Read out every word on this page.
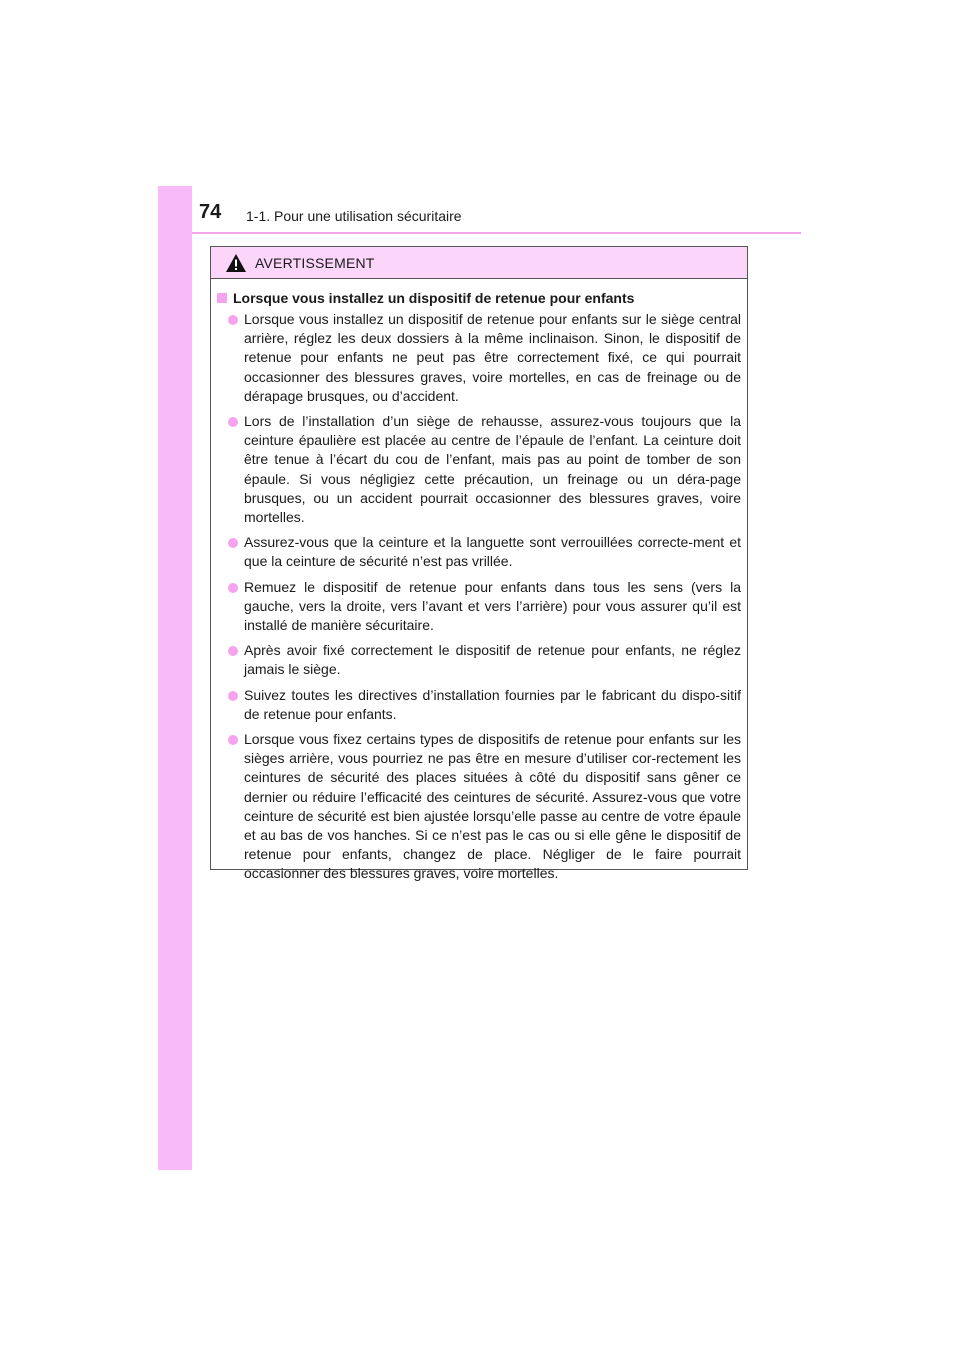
74 1-1. Pour une utilisation sécuritaire
AVERTISSEMENT
Lorsque vous installez un dispositif de retenue pour enfants
Lorsque vous installez un dispositif de retenue pour enfants sur le siège central arrière, réglez les deux dossiers à la même inclinaison. Sinon, le dispositif de retenue pour enfants ne peut pas être correctement fixé, ce qui pourrait occasionner des blessures graves, voire mortelles, en cas de freinage ou de dérapage brusques, ou d’accident.
Lors de l’installation d’un siège de rehausse, assurez-vous toujours que la ceinture épaulière est placée au centre de l’épaule de l’enfant. La ceinture doit être tenue à l’écart du cou de l’enfant, mais pas au point de tomber de son épaule. Si vous négligiez cette précaution, un freinage ou un déra-page brusques, ou un accident pourrait occasionner des blessures graves, voire mortelles.
Assurez-vous que la ceinture et la languette sont verrouillées correcte-ment et que la ceinture de sécurité n’est pas vrillée.
Remuez le dispositif de retenue pour enfants dans tous les sens (vers la gauche, vers la droite, vers l’avant et vers l’arrière) pour vous assurer qu’il est installé de manière sécuritaire.
Après avoir fixé correctement le dispositif de retenue pour enfants, ne réglez jamais le siège.
Suivez toutes les directives d’installation fournies par le fabricant du dispo-sitif de retenue pour enfants.
Lorsque vous fixez certains types de dispositifs de retenue pour enfants sur les sièges arrière, vous pourriez ne pas être en mesure d’utiliser cor-rectement les ceintures de sécurité des places situées à côté du dispositif sans gêner ce dernier ou réduire l’efficacité des ceintures de sécurité. Assurez-vous que votre ceinture de sécurité est bien ajustée lorsqu’elle passe au centre de votre épaule et au bas de vos hanches. Si ce n’est pas le cas ou si elle gêne le dispositif de retenue pour enfants, changez de place. Négliger de le faire pourrait occasionner des blessures graves, voire mortelles.
